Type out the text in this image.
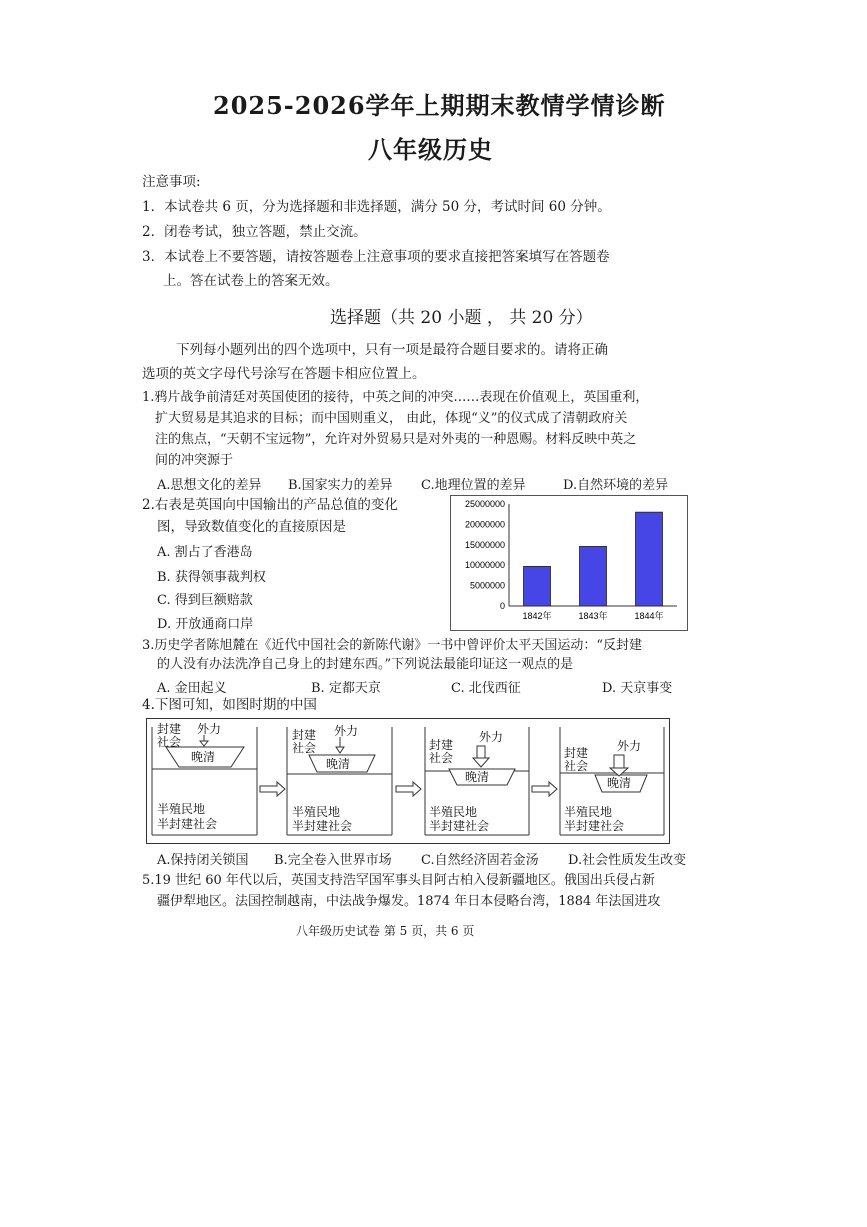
2025-2026学年上期期末教情学情诊断
八年级历史
注意事项:
1．本试卷共 6 页，分为选择题和非选择题，满分 50 分，考试时间 60 分钟。
2．闭卷考试，独立答题，禁止交流。
3．本试卷上不要答题，请按答题卷上注意事项的要求直接把答案填写在答题卷
上。答在试卷上的答案无效。
选择题（共 20 小题 ， 共 20 分）
下列每小题列出的四个选项中，只有一项是最符合题目要求的。请将正确
选项的英文字母代号涂写在答题卡相应位置上。
1.鸦片战争前清廷对英国使团的接待，中英之间的冲突……表现在价值观上，英国重利，
扩大贸易是其追求的目标；而中国则重义， 由此，体现“义”的仪式成了清朝政府关
注的焦点，“天朝不宝远物”，允许对外贸易只是对外夷的一种恩赐。材料反映中英之
间的冲突源于
A.思想文化的差异 B.国家实力的差异 C.地理位置的差异	D.自然环境的差异
2.右表是英国向中国输出的产品总值的变化
图，导致数值变化的直接原因是
A. 割占了香港岛
B. 获得领事裁判权
C. 得到巨额赔款
D. 开放通商口岸
25000000
20000000
15000000
10000000
5000000
0
1842年	1843年	1844年
3.历史学者陈旭麓在《近代中国社会的新陈代谢》一书中曾评价太平天国运动：“反封建
的人没有办法洗净自己身上的封建东西。”下列说法最能印证这一观点的是
A. 金田起义	B. 定都天京	C. 北伐西征	D. 天京事变
4.下图可知，如图时期的中国
封建
社会
外力
晚清
半殖民地
半封建社会
封建
社会
外力
晚清
半殖民地
半封建社会
封建
社会
外力
晚清
半殖民地
半封建社会
封建
社会
外力
晚清
半殖民地
半封建社会
A.保持闭关锁国 B.完全卷入世界市场 C.自然经济固若金汤 D.社会性质发生改变
5.19 世纪 60 年代以后，英国支持浩罕国军事头目阿古柏入侵新疆地区。俄国出兵侵占新
疆伊犁地区。法国控制越南，中法战争爆发。1874 年日本侵略台湾，1884 年法国进攻
八年级历史试卷 第 5 页，共 6 页
